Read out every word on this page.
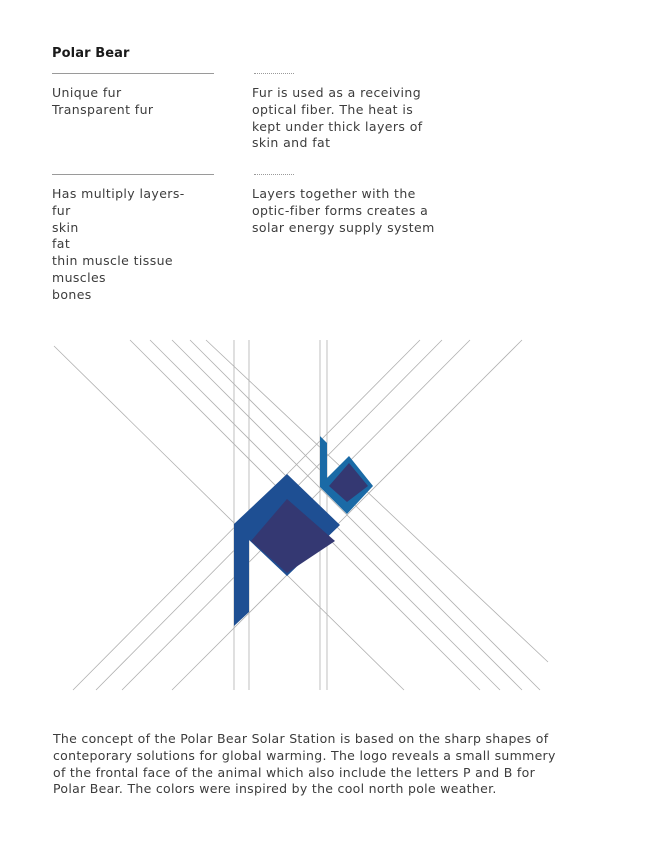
Polar Bear
Unique fur
Transparent fur
Fur is used as a receiving
optical fiber. The heat is
kept under thick layers of
skin and fat
Has multiply layers-
fur
skin
fat
thin muscle tissue
muscles
bones
Layers together with the
optic-fiber forms creates a
solar energy supply system
The concept of the Polar Bear Solar Station is based on the sharp shapes of
conteporary solutions for global warming. The logo reveals a small summery
of the frontal face of the animal which also include the letters P and B for
Polar Bear. The colors were inspired by the cool north pole weather.
